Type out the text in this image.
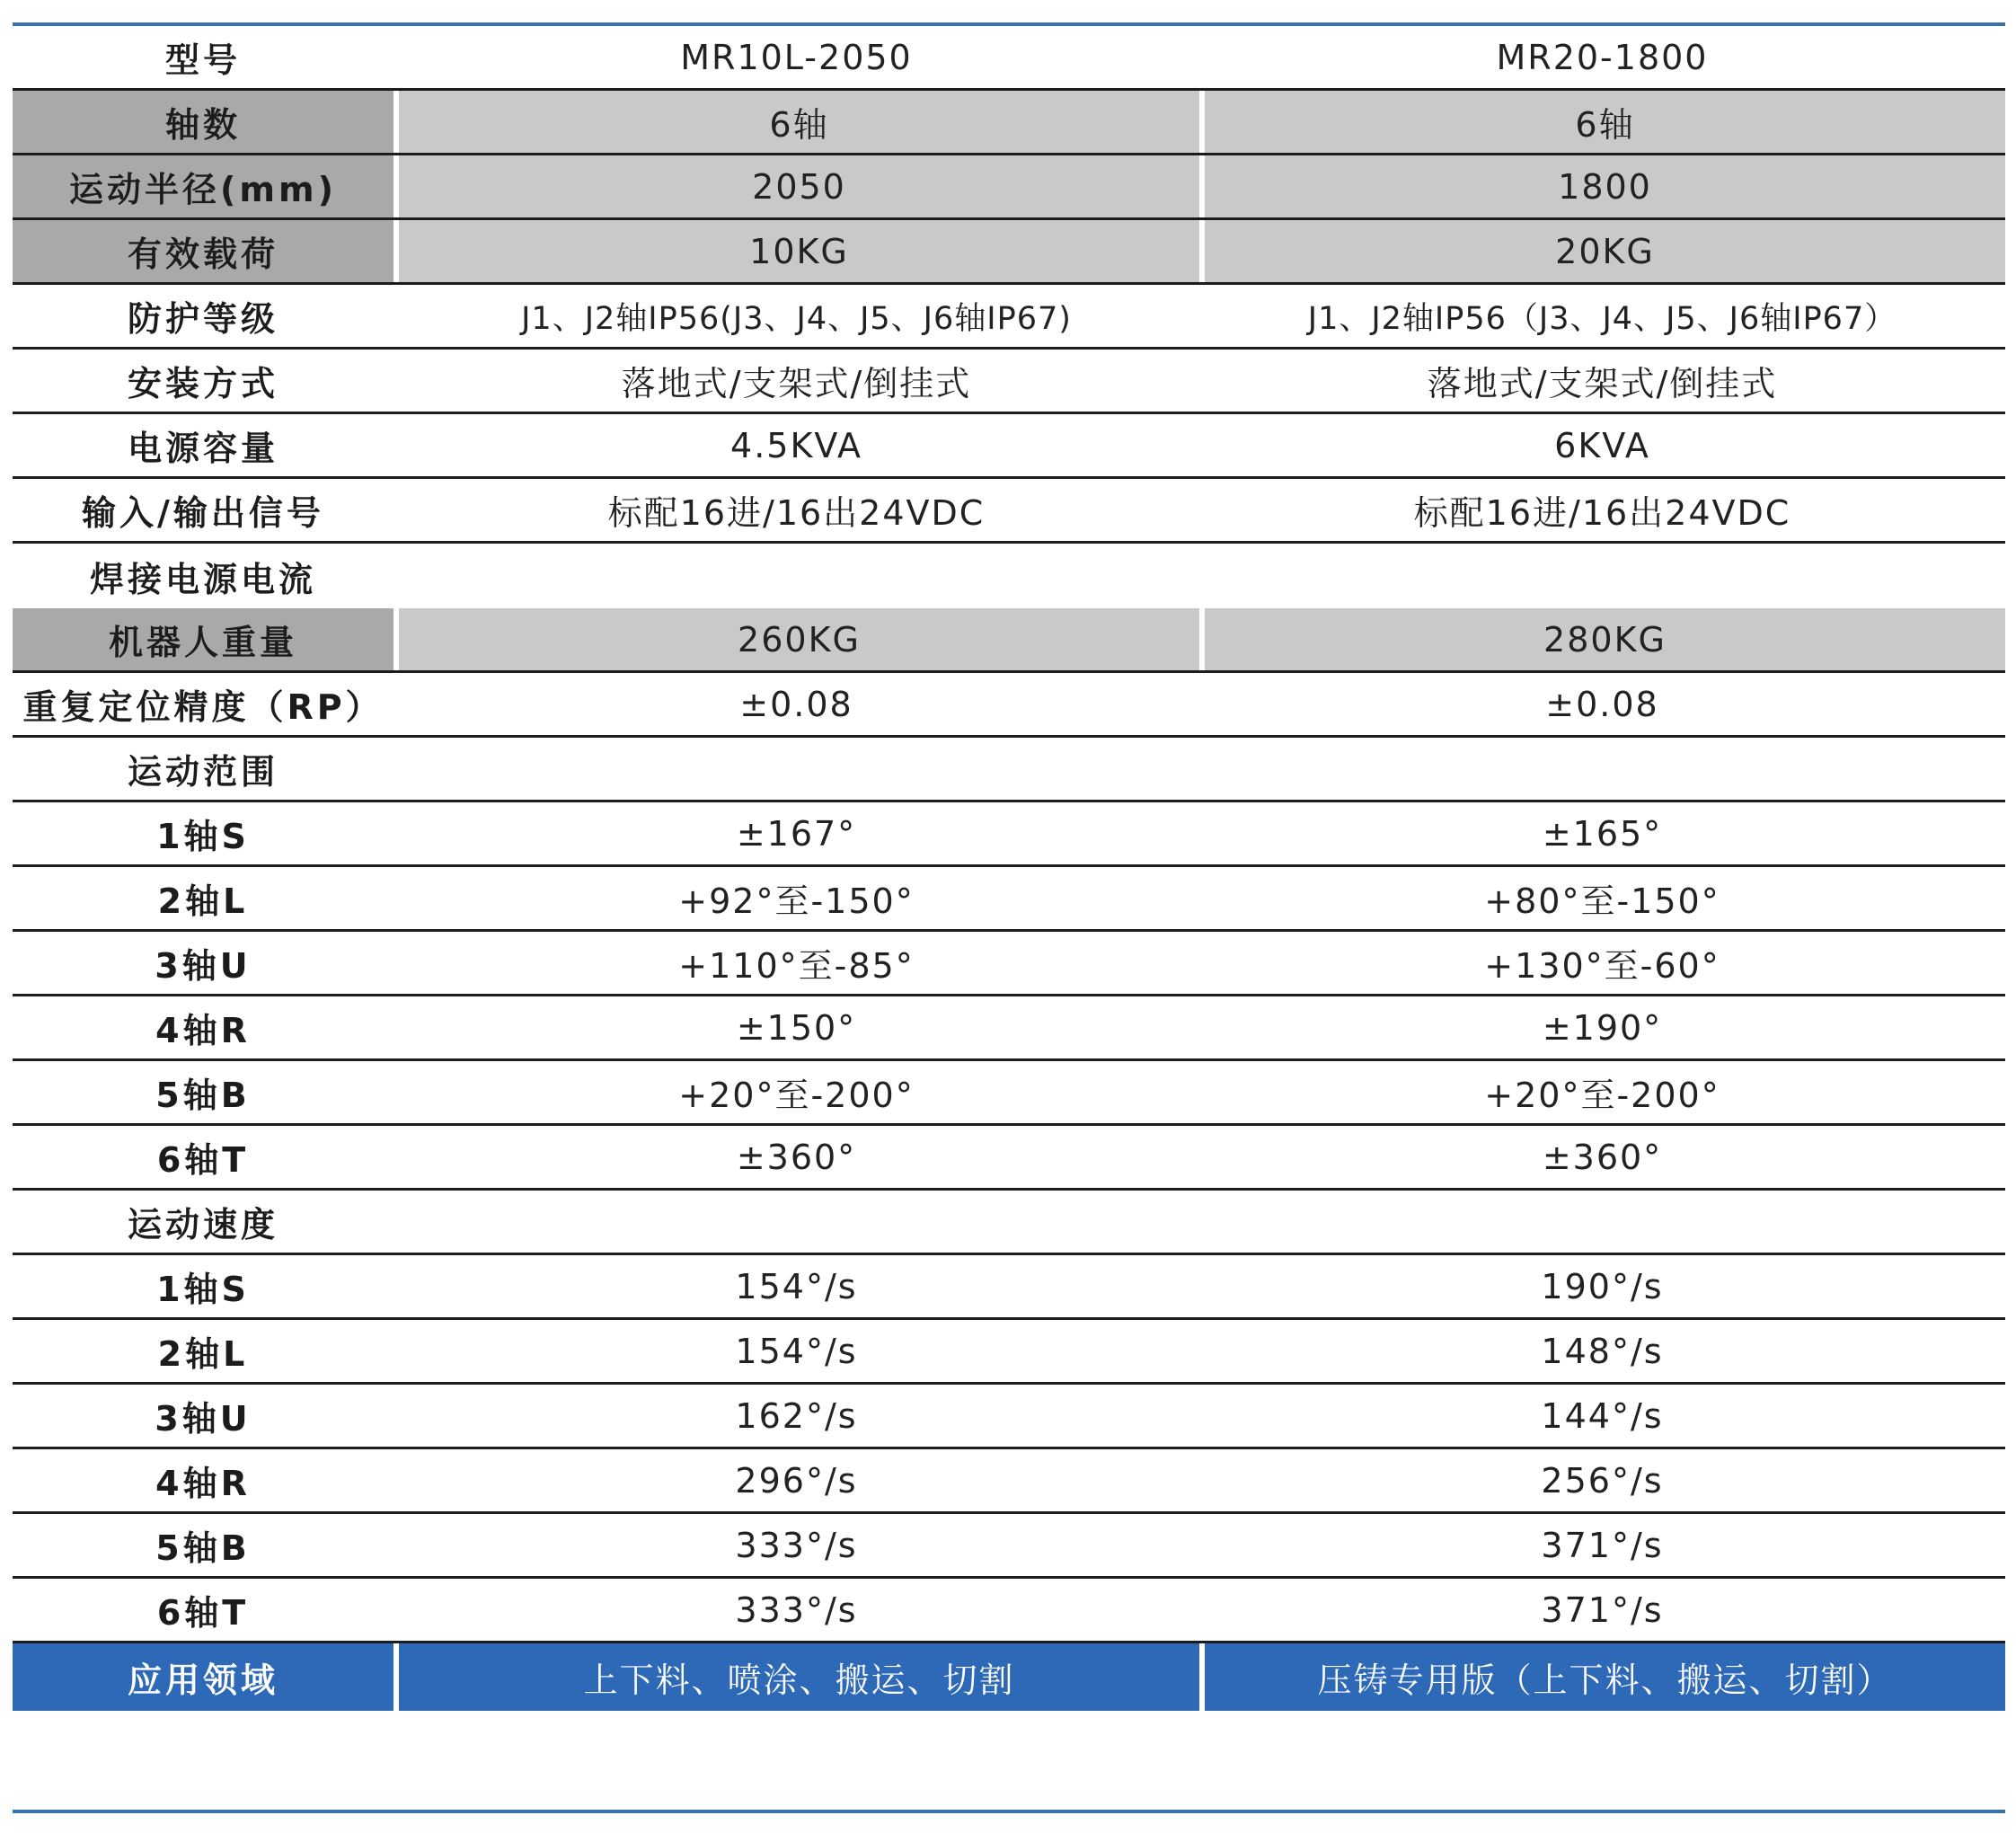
型号	MR10L-2050	MR20-1800
轴数	6轴	6轴
运动半径(mm)	2050	1800
有效载荷	10KG	20KG
防护等级	J1、J2轴IP56(J3、J4、J5、J6轴IP67)	J1、J2轴IP56（J3、J4、J5、J6轴IP67）
安装方式	落地式/支架式/倒挂式	落地式/支架式/倒挂式
电源容量	4.5KVA	6KVA
输入/输出信号	标配16进/16出24VDC	标配16进/16出24VDC
焊接电源电流
机器人重量	260KG	280KG
重复定位精度（RP）	±0.08	±0.08
运动范围
1轴S	±167°	±165°
2轴L	+92°至-150°	+80°至-150°
3轴U	+110°至-85°	+130°至-60°
4轴R	±150°	±190°
5轴B	+20°至-200°	+20°至-200°
6轴T	±360°	±360°
运动速度
1轴S	154°/s	190°/s
2轴L	154°/s	148°/s
3轴U	162°/s	144°/s
4轴R	296°/s	256°/s
5轴B	333°/s	371°/s
6轴T	333°/s	371°/s
应用领域	上下料、喷涂、搬运、切割	压铸专用版（上下料、搬运、切割）
